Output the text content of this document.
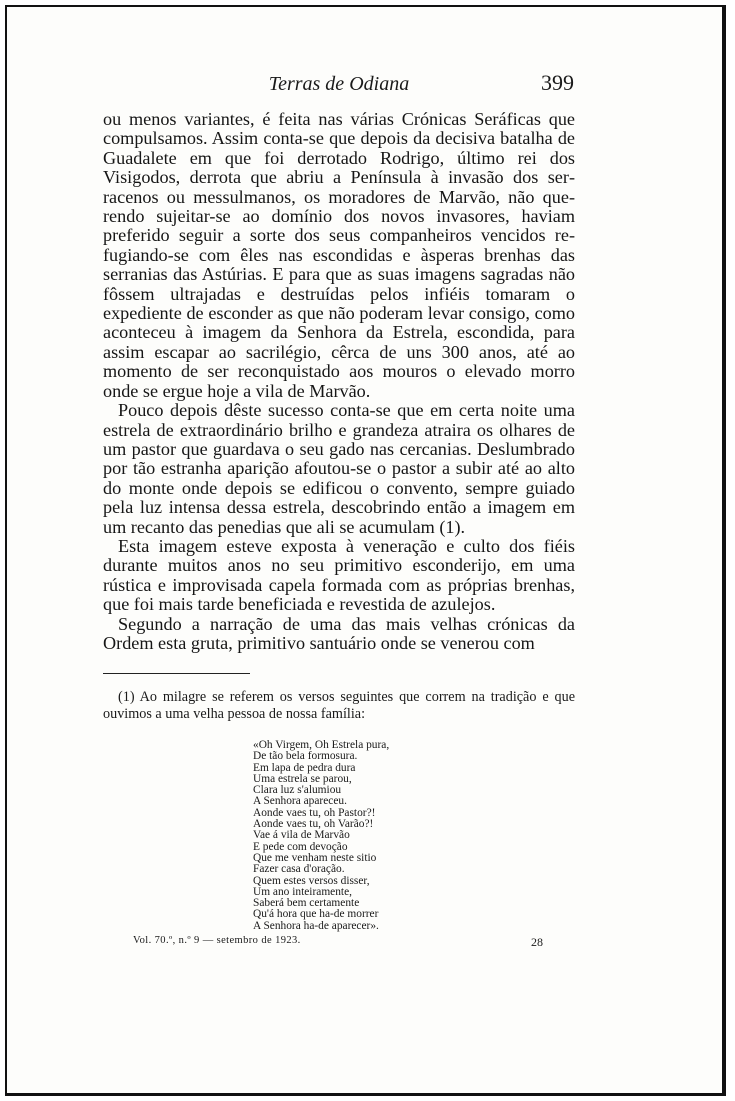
Terras de Odiana	399

ou menos variantes, é feita nas várias Crónicas Seráficas que compulsamos. Assim conta-se que depois da decisiva batalha de Guadalete em que foi derrotado Rodrigo, último rei dos Visigodos, derrota que abriu a Península à invasão dos serracenos ou messulmanos, os moradores de Marvão, não querendo sujeitar-se ao domínio dos novos invasores, haviam preferido seguir a sorte dos seus companheiros vencidos refugiando-se com êles nas escondidas e àsperas brenhas das serranias das Astúrias. E para que as suas imagens sagradas não fôssem ultrajadas e destruídas pelos infiéis tomaram o expediente de esconder as que não poderam levar consigo, como aconteceu à imagem da Senhora da Estrela, escondida, para assim escapar ao sacrilégio, cêrca de uns 300 anos, até ao momento de ser reconquistado aos mouros o elevado morro onde se ergue hoje a vila de Marvão.

Pouco depois dêste sucesso conta-se que em certa noite uma estrela de extraordinário brilho e grandeza atraira os olhares de um pastor que guardava o seu gado nas cercanias. Deslumbrado por tão estranha aparição afoutou-se o pastor a subir até ao alto do monte onde depois se edificou o convento, sempre guiado pela luz intensa dessa estrela, descobrindo então a imagem em um recanto das penedias que ali se acumulam (1).

Esta imagem esteve exposta à veneração e culto dos fiéis durante muitos anos no seu primitivo esconderijo, em uma rústica e improvisada capela formada com as próprias brenhas, que foi mais tarde beneficiada e revestida de azulejos.

Segundo a narração de uma das mais velhas crónicas da Ordem esta gruta, primitivo santuário onde se venerou com

(1) Ao milagre se referem os versos seguintes que correm na tradição e que ouvimos a uma velha pessoa de nossa família:

«Oh Virgem, Oh Estrela pura,
De tão bela formosura.
Em lapa de pedra dura
Uma estrela se parou,
Clara luz s'alumiou
A Senhora apareceu.
Aonde vaes tu, oh Pastor?!
Aonde vaes tu, oh Varão?!
Vae á vila de Marvão
E pede com devoção
Que me venham neste sitio
Fazer casa d'oração.
Quem estes versos disser,
Um ano inteiramente,
Saberá bem certamente
Qu'á hora que ha-de morrer
A Senhora ha-de aparecer».
Vol. 70.º, n.º 9 — setembro de 1923.	28
